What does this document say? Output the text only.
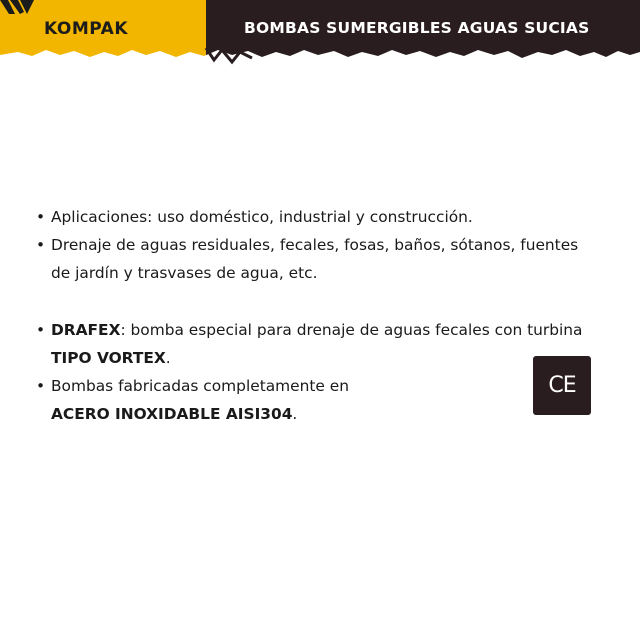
KOMPAK	BOMBAS SUMERGIBLES AGUAS SUCIAS
• Aplicaciones: uso doméstico, industrial y construcción.
• Drenaje de aguas residuales, fecales, fosas, baños, sótanos, fuentes
de jardín y trasvases de agua, etc.
• DRAFEX: bomba especial para drenaje de aguas fecales con turbina
TIPO VORTEX.
• Bombas fabricadas completamente en
ACERO INOXIDABLE AISI304.
CE
